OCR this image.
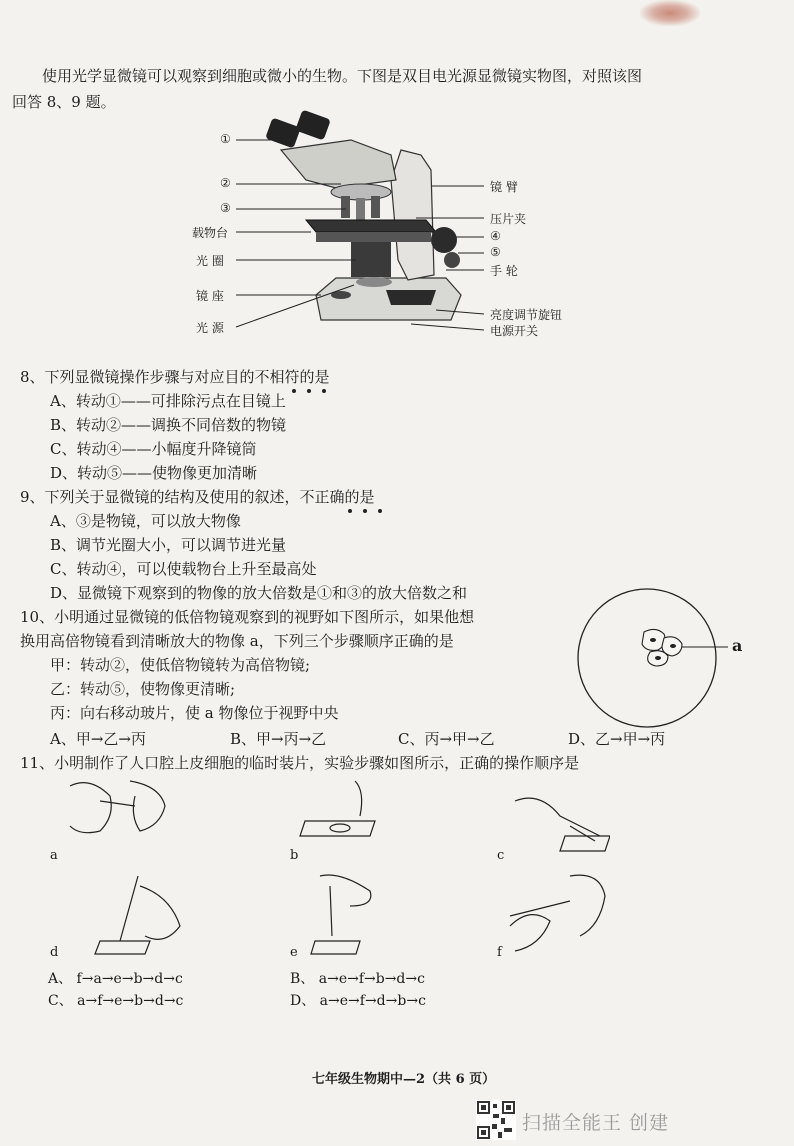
使用光学显微镜可以观察到细胞或微小的生物。下图是双目电光源显微镜实物图，对照该图
回答 8、9 题。
①
②
③
载物台
光 圈
镜 座
光 源
镜 臂
压片夹
④
⑤
手 轮
亮度调节旋钮
电源开关
8、下列显微镜操作步骤与对应目的不相符的是
A、转动①——可排除污点在目镜上
B、转动②——调换不同倍数的物镜
C、转动④——小幅度升降镜筒
D、转动⑤——使物像更加清晰
9、下列关于显微镜的结构及使用的叙述，不正确的是
A、③是物镜，可以放大物像
B、调节光圈大小，可以调节进光量
C、转动④，可以使载物台上升至最高处
D、显微镜下观察到的物像的放大倍数是①和③的放大倍数之和
10、小明通过显微镜的低倍物镜观察到的视野如下图所示，如果他想
换用高倍物镜看到清晰放大的物像 a，下列三个步骤顺序正确的是
甲：转动②，使低倍物镜转为高倍物镜;
乙：转动⑤，使物像更清晰;
丙：向右移动玻片，使 a 物像位于视野中央
A、甲→乙→丙	B、甲→丙→乙	C、丙→甲→乙	D、乙→甲→丙
a
11、小明制作了人口腔上皮细胞的临时装片，实验步骤如图所示，正确的操作顺序是
a	b	c
d	e	f
A、 f→a→e→b→d→c	B、 a→e→f→b→d→c
C、 a→f→e→b→d→c	D、 a→e→f→d→b→c
七年级生物期中—2（共 6 页）
扫描全能王 创建
